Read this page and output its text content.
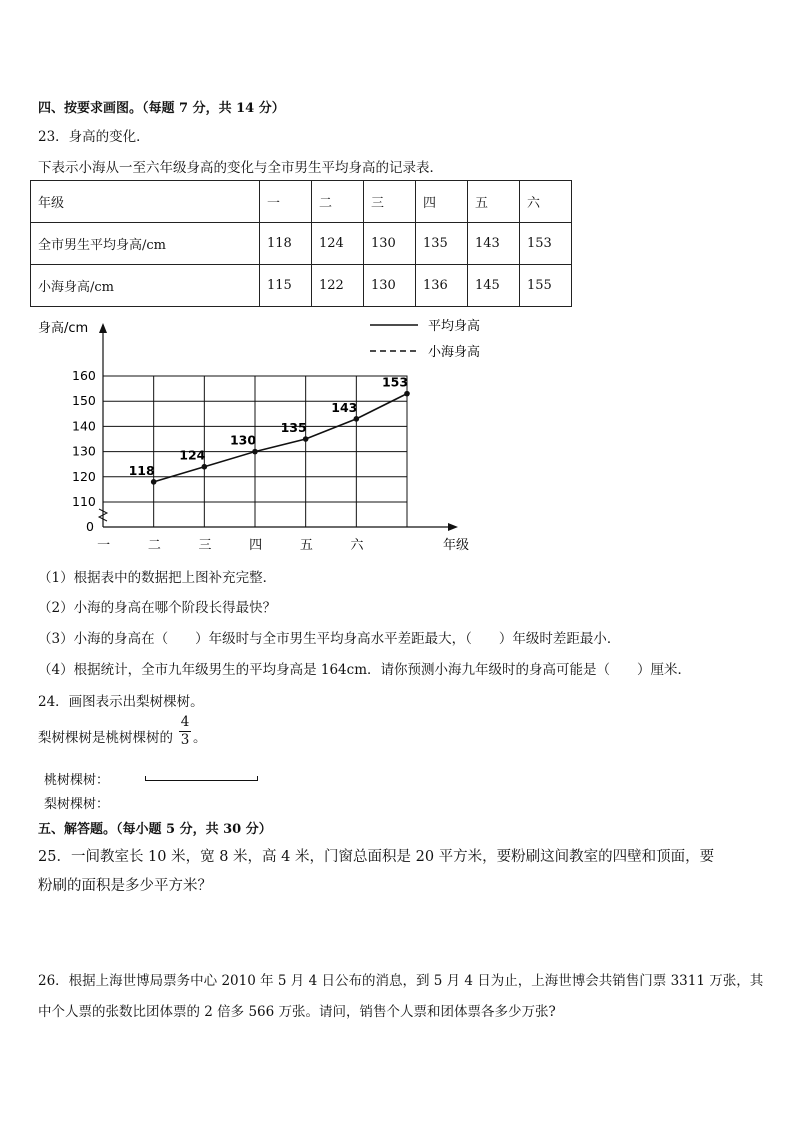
四、按要求画图。（每题 7 分，共 14 分）
23．身高的变化．
下表示小海从一至六年级身高的变化与全市男生平均身高的记录表．
年级	一	二	三	四	五	六
全市男生平均身高/cm	118	124	130	135	143	153
小海身高/cm	115	122	130	136	145	155
身高/cm
年级
0
110
120
130
140
150
160
一	二	三	四	五	六
平均身高
小海身高
118
124
130
135
143
153
（1）根据表中的数据把上图补充完整．
（2）小海的身高在哪个阶段长得最快？
（3）小海的身高在（　　）年级时与全市男生平均身高水平差距最大，（　　）年级时差距最小．
（4）根据统计，全市九年级男生的平均身高是 164cm．请你预测小海九年级时的身高可能是（　　）厘米．
24．画图表示出梨树棵树。
梨树棵树是桃树棵树的
4
3 。
桃树棵树：
梨树棵树：
五、解答题。（每小题 5 分，共 30 分）
25．一间教室长 10 米，宽 8 米，高 4 米，门窗总面积是 20 平方米，要粉刷这间教室的四壁和顶面，要
粉刷的面积是多少平方米？
26．根据上海世博局票务中心 2010 年 5 月 4 日公布的消息，到 5 月 4 日为止，上海世博会共销售门票 3311 万张，其
中个人票的张数比团体票的 2 倍多 566 万张。请问，销售个人票和团体票各多少万张?
